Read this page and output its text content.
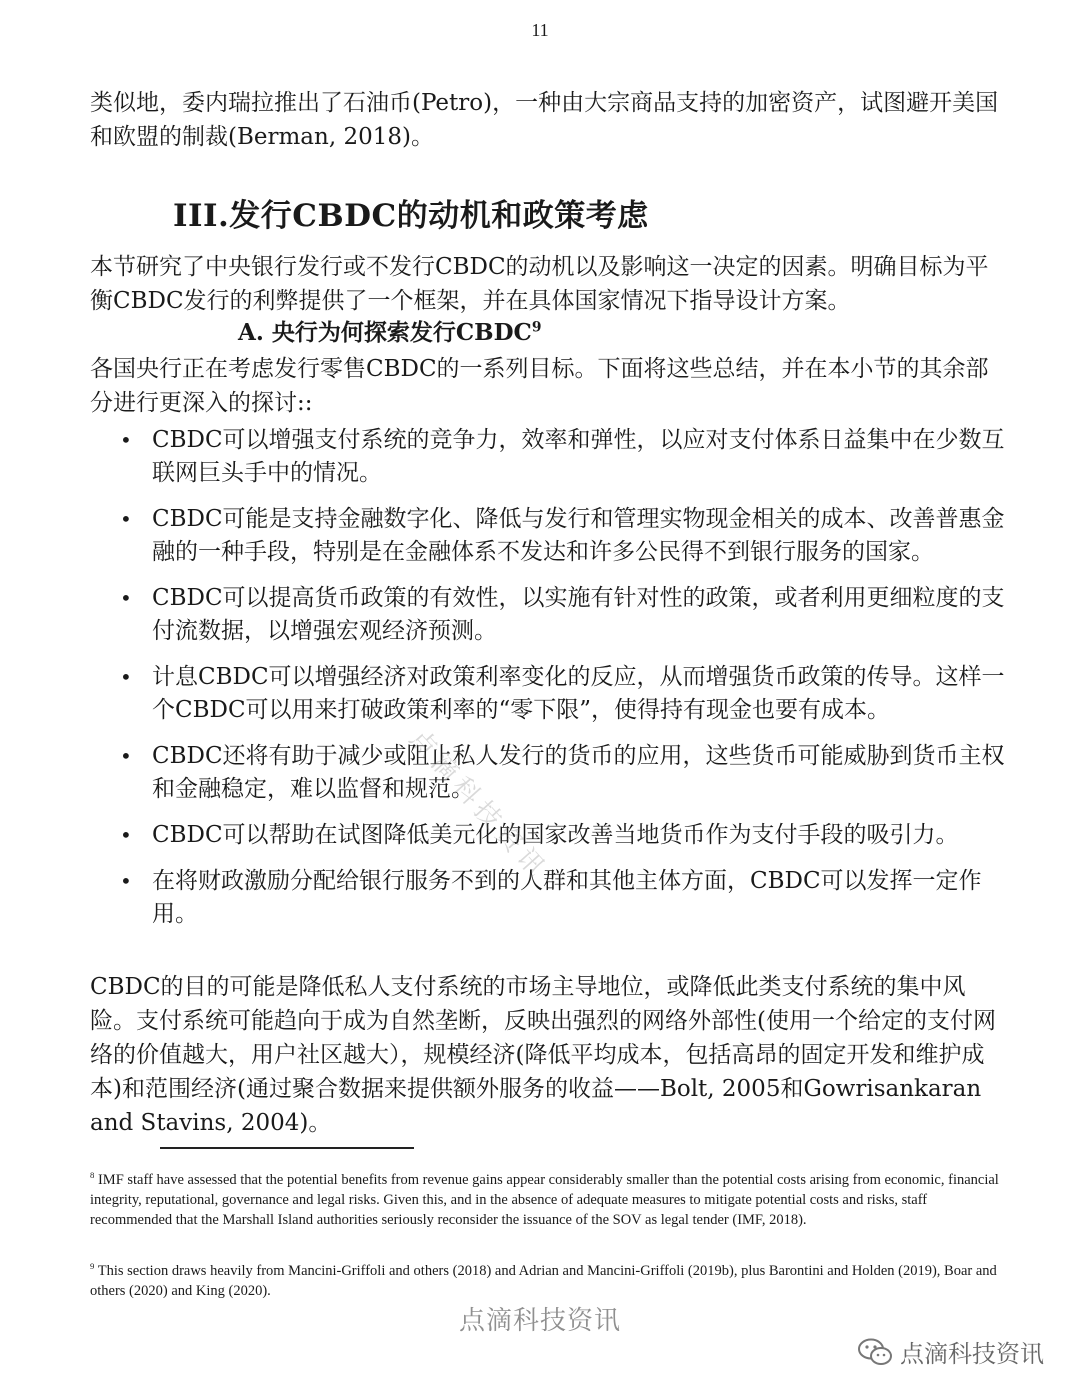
11

类似地，委内瑞拉推出了石油币(Petro)，一种由大宗商品支持的加密资产，试图避开美国和欧盟的制裁(Berman, 2018)。

III.发行CBDC的动机和政策考虑

本节研究了中央银行发行或不发行CBDC的动机以及影响这一决定的因素。明确目标为平衡CBDC发行的利弊提供了一个框架，并在具体国家情况下指导设计方案。

A. 央行为何探索发行CBDC$^9$

各国央行正在考虑发行零售CBDC的一系列目标。下面将这些总结，并在本小节的其余部分进行更深入的探讨::

• CBDC可以增强支付系统的竞争力，效率和弹性，以应对支付体系日益集中在少数互联网巨头手中的情况。
• CBDC可能是支持金融数字化、降低与发行和管理实物现金相关的成本、改善普惠金融的一种手段，特别是在金融体系不发达和许多公民得不到银行服务的国家。
• CBDC可以提高货币政策的有效性，以实施有针对性的政策，或者利用更细粒度的支付流数据，以增强宏观经济预测。
• 计息CBDC可以增强经济对政策利率变化的反应，从而增强货币政策的传导。这样一个CBDC可以用来打破政策利率的“零下限”，使得持有现金也要有成本。
• CBDC还将有助于减少或阻止私人发行的货币的应用，这些货币可能威胁到货币主权和金融稳定，难以监督和规范。
• CBDC可以帮助在试图降低美元化的国家改善当地货币作为支付手段的吸引力。
• 在将财政激励分配给银行服务不到的人群和其他主体方面，CBDC可以发挥一定作用。

CBDC的目的可能是降低私人支付系统的市场主导地位，或降低此类支付系统的集中风险。支付系统可能趋向于成为自然垄断，反映出强烈的网络外部性(使用一个给定的支付网络的价值越大，用户社区越大），规模经济(降低平均成本，包括高昂的固定开发和维护成本)和范围经济(通过聚合数据来提供额外服务的收益——Bolt, 2005和Gowrisankaran and Stavins, 2004)。

$^8$ IMF staff have assessed that the potential benefits from revenue gains appear considerably smaller than the potential costs arising from economic, financial integrity, reputational, governance and legal risks. Given this, and in the absence of adequate measures to mitigate potential costs and risks, staff recommended that the Marshall Island authorities seriously reconsider the issuance of the SOV as legal tender (IMF, 2018).

$^9$ This section draws heavily from Mancini-Griffoli and others (2018) and Adrian and Mancini-Griffoli (2019b), plus Barontini and Holden (2019), Boar and others (2020) and King (2020).

点滴科技资讯
点滴科技资讯
点滴科技资讯
